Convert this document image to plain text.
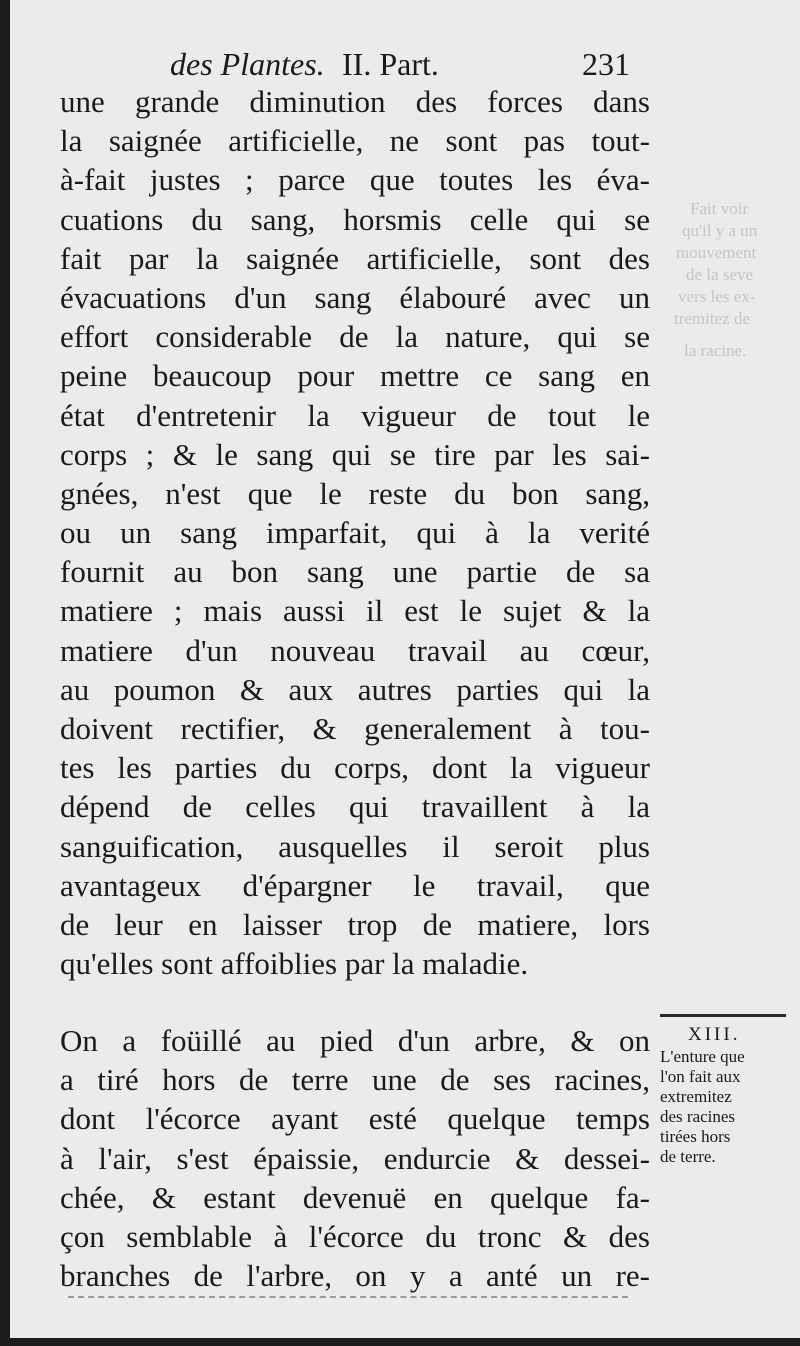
Fait voir
qu'il y a un
mouvement
de la seve
vers les ex-
tremitez de
la racine.
des Plantes. II. Part.	231
une grande diminution des forces dans
la saignée artificielle, ne sont pas tout-
à-fait justes ; parce que toutes les éva-
cuations du sang, horsmis celle qui se
fait par la saignée artificielle, sont des
évacuations d'un sang élabouré avec un
effort considerable de la nature, qui se
peine beaucoup pour mettre ce sang en
état d'entretenir la vigueur de tout le
corps ; & le sang qui se tire par les sai-
gnées, n'est que le reste du bon sang,
ou un sang imparfait, qui à la verité
fournit au bon sang une partie de sa
matiere ; mais aussi il est le sujet & la
matiere d'un nouveau travail au cœur,
au poumon & aux autres parties qui la
doivent rectifier, & generalement à tou-
tes les parties du corps, dont la vigueur
dépend de celles qui travaillent à la
sanguification, ausquelles il seroit plus
avantageux d'épargner le travail, que
de leur en laisser trop de matiere, lors
qu'elles sont affoiblies par la maladie.
On a foüillé au pied d'un arbre, & on
a tiré hors de terre une de ses racines,
dont l'écorce ayant esté quelque temps
à l'air, s'est épaissie, endurcie & dessei-
chée, & estant devenuë en quelque fa-
çon semblable à l'écorce du tronc & des
branches de l'arbre, on y a anté un re-
XIII.
L'enture que
l'on fait aux
extremitez
des racines
tirées hors
de terre.
